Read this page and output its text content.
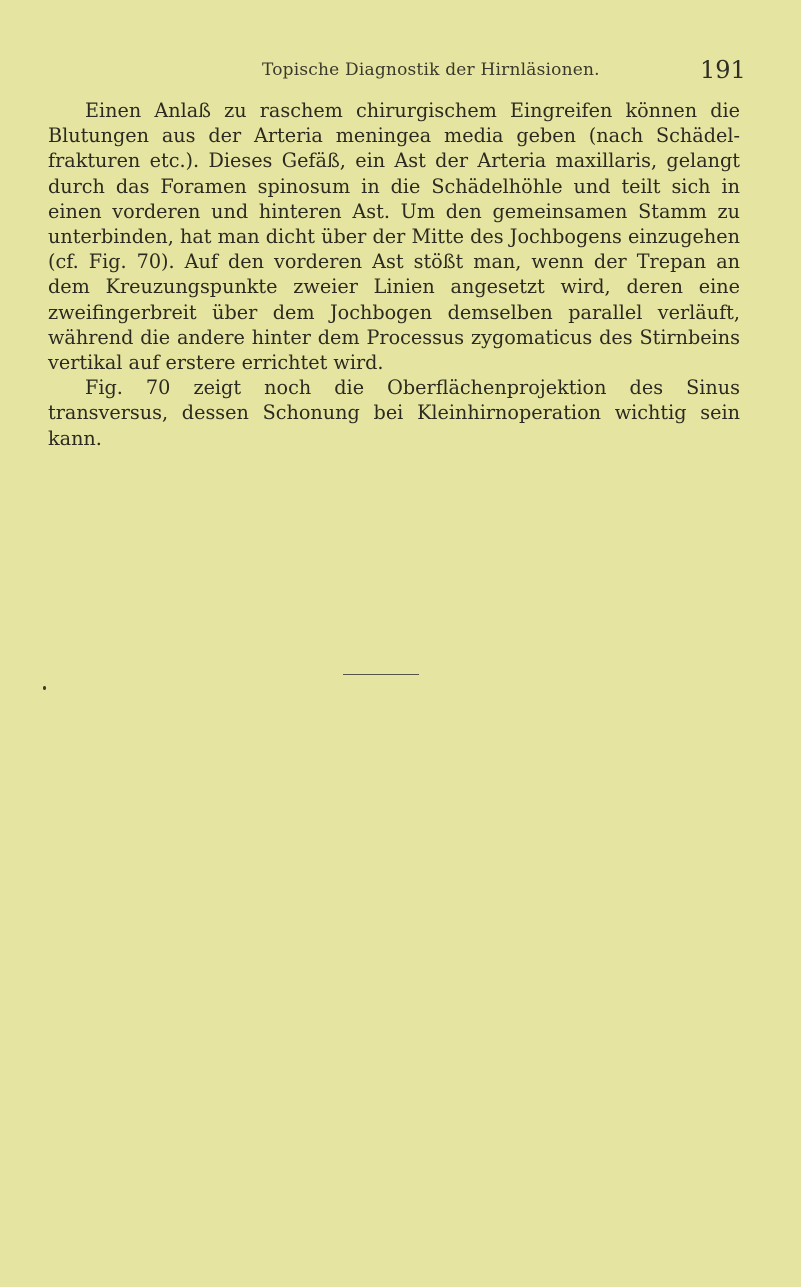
Topische Diagnostik der Hirnläsionen.	191

Einen Anlaß zu raschem chirurgischem Eingreifen können die Blutungen aus der Arteria meningea media geben (nach Schädelfrakturen etc.). Dieses Gefäß, ein Ast der Arteria maxillaris, gelangt durch das Foramen spinosum in die Schädelhöhle und teilt sich in einen vorderen und hinteren Ast. Um den gemeinsamen Stamm zu unterbinden, hat man dicht über der Mitte des Jochbogens einzugehen (cf. Fig. 70). Auf den vorderen Ast stößt man, wenn der Trepan an dem Kreuzungspunkte zweier Linien angesetzt wird, deren eine zweifingerbreit über dem Jochbogen demselben parallel verläuft, während die andere hinter dem Processus zygomaticus des Stirnbeins vertikal auf erstere errichtet wird.

Fig. 70 zeigt noch die Oberflächenprojektion des Sinus transversus, dessen Schonung bei Kleinhirnoperation wichtig sein kann.
